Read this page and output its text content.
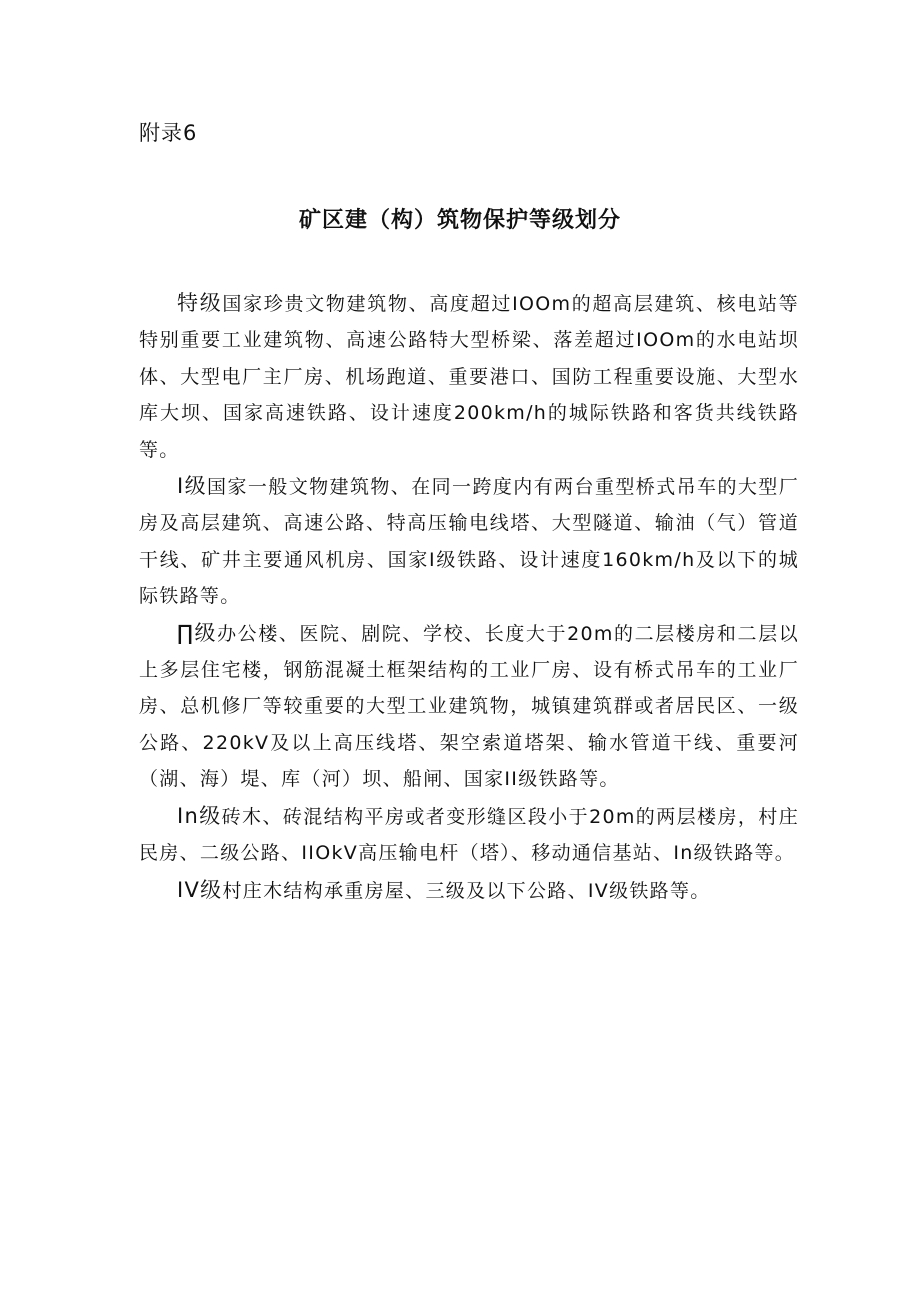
附录6
矿区建（构）筑物保护等级划分

特级国家珍贵文物建筑物、高度超过IOOm的超高层建筑、核电站等特别重要工业建筑物、高速公路特大型桥梁、落差超过IOOm的水电站坝体、大型电厂主厂房、机场跑道、重要港口、国防工程重要设施、大型水库大坝、国家高速铁路、设计速度200km∕h的城际铁路和客货共线铁路等。

I级国家一般文物建筑物、在同一跨度内有两台重型桥式吊车的大型厂房及高层建筑、高速公路、特高压输电线塔、大型隧道、输油（气）管道干线、矿井主要通风机房、国家I级铁路、设计速度160km∕h及以下的城际铁路等。

∏级办公楼、医院、剧院、学校、长度大于20m的二层楼房和二层以上多层住宅楼，钢筋混凝土框架结构的工业厂房、设有桥式吊车的工业厂房、总机修厂等较重要的大型工业建筑物，城镇建筑群或者居民区、一级公路、220kV及以上高压线塔、架空索道塔架、输水管道干线、重要河（湖、海）堤、库（河）坝、船闸、国家II级铁路等。

In级砖木、砖混结构平房或者变形缝区段小于20m的两层楼房，村庄民房、二级公路、IIOkV高压输电杆（塔）、移动通信基站、In级铁路等。

IV级村庄木结构承重房屋、三级及以下公路、IV级铁路等。
